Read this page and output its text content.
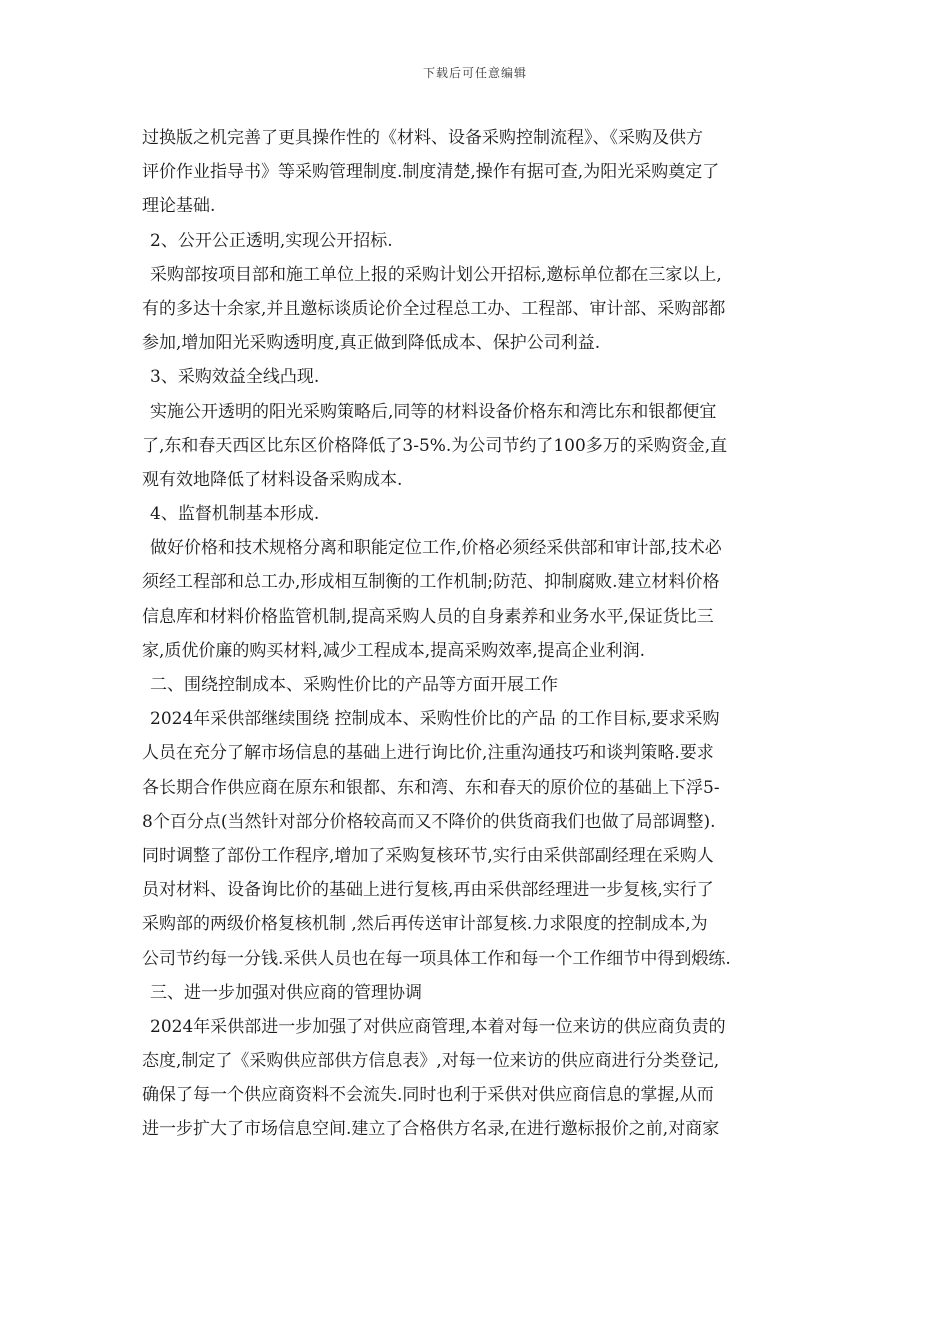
下载后可任意编辑
过换版之机完善了更具操作性的《材料、设备采购控制流程》、《采购及供方
评价作业指导书》等采购管理制度.制度清楚,操作有据可查,为阳光采购奠定了
理论基础.
2、公开公正透明,实现公开招标.
采购部按项目部和施工单位上报的采购计划公开招标,邀标单位都在三家以上,
有的多达十余家,并且邀标谈质论价全过程总工办、工程部、审计部、采购部都
参加,增加阳光采购透明度,真正做到降低成本、保护公司利益.
3、采购效益全线凸现.
实施公开透明的阳光采购策略后,同等的材料设备价格东和湾比东和银都便宜
了,东和春天西区比东区价格降低了3-5%.为公司节约了100多万的采购资金,直
观有效地降低了材料设备采购成本.
4、监督机制基本形成.
做好价格和技术规格分离和职能定位工作,价格必须经采供部和审计部,技术必
须经工程部和总工办,形成相互制衡的工作机制;防范、抑制腐败.建立材料价格
信息库和材料价格监管机制,提高采购人员的自身素养和业务水平,保证货比三
家,质优价廉的购买材料,减少工程成本,提高采购效率,提高企业利润.
二、围绕控制成本、采购性价比的产品等方面开展工作
2024年采供部继续围绕 控制成本、采购性价比的产品 的工作目标,要求采购
人员在充分了解市场信息的基础上进行询比价,注重沟通技巧和谈判策略.要求
各长期合作供应商在原东和银都、东和湾、东和春天的原价位的基础上下浮5-
8个百分点(当然针对部分价格较高而又不降价的供货商我们也做了局部调整).
同时调整了部份工作程序,增加了采购复核环节,实行由采供部副经理在采购人
员对材料、设备询比价的基础上进行复核,再由采供部经理进一步复核,实行了
采购部的两级价格复核机制 ,然后再传送审计部复核.力求限度的控制成本,为
公司节约每一分钱.采供人员也在每一项具体工作和每一个工作细节中得到煅练.
三、进一步加强对供应商的管理协调
2024年采供部进一步加强了对供应商管理,本着对每一位来访的供应商负责的
态度,制定了《采购供应部供方信息表》,对每一位来访的供应商进行分类登记,
确保了每一个供应商资料不会流失.同时也利于采供对供应商信息的掌握,从而
进一步扩大了市场信息空间.建立了合格供方名录,在进行邀标报价之前,对商家
